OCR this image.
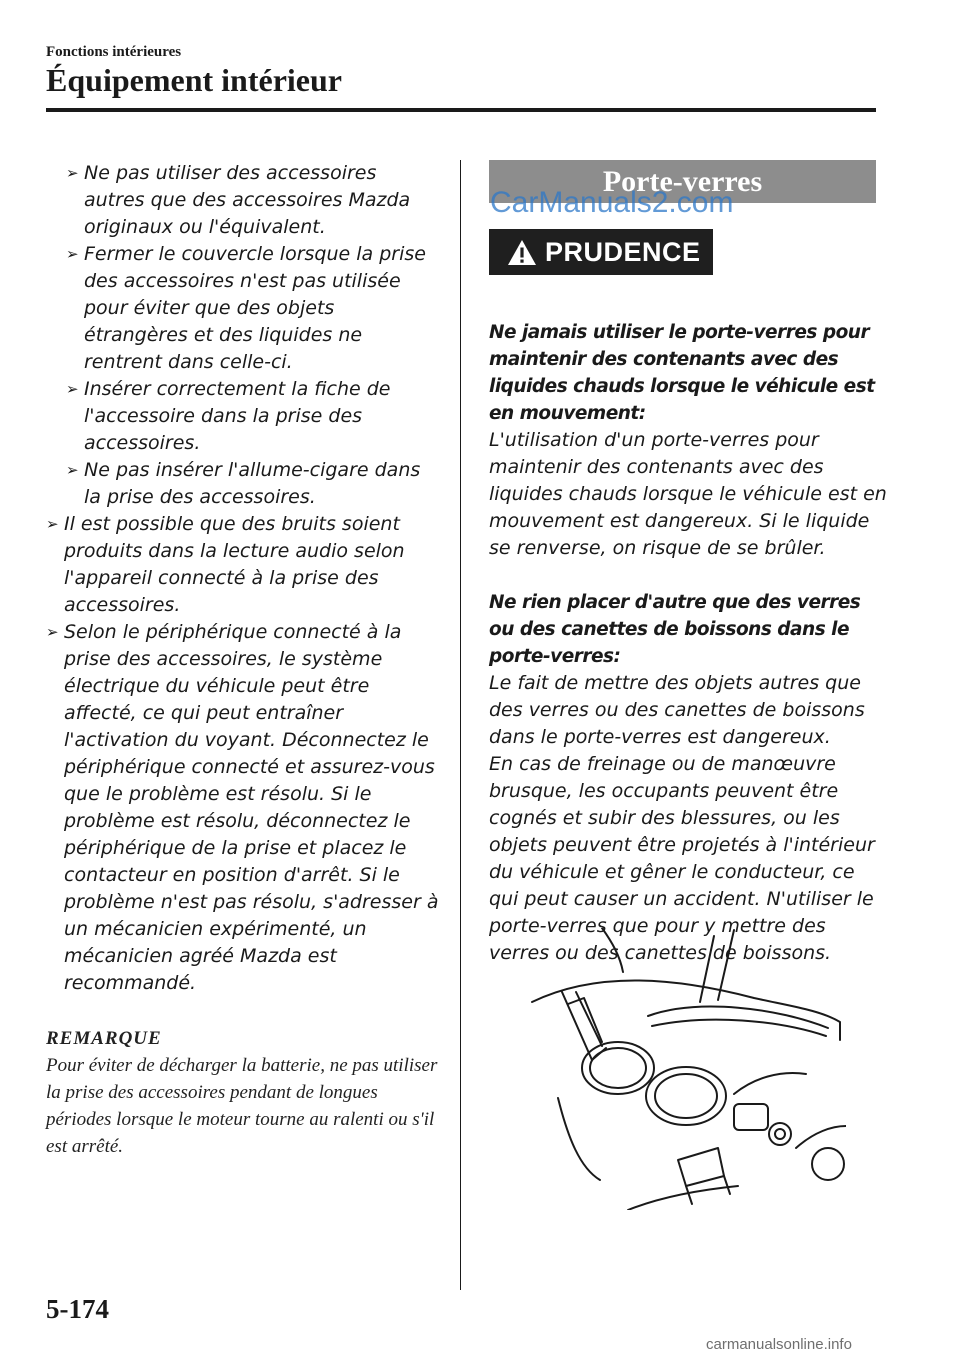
Fonctions intérieures
Équipement intérieur

➢ Ne pas utiliser des accessoires autres que des accessoires Mazda originaux ou l'équivalent.

➢ Fermer le couvercle lorsque la prise des accessoires n'est pas utilisée pour éviter que des objets étrangères et des liquides ne rentrent dans celle-ci.

➢ Insérer correctement la fiche de l'accessoire dans la prise des accessoires.

➢ Ne pas insérer l'allume-cigare dans la prise des accessoires.

➢ Il est possible que des bruits soient produits dans la lecture audio selon l'appareil connecté à la prise des accessoires.

➢ Selon le périphérique connecté à la prise des accessoires, le système électrique du véhicule peut être affecté, ce qui peut entraîner l'activation du voyant. Déconnectez le périphérique connecté et assurez-vous que le problème est résolu. Si le problème est résolu, déconnectez le périphérique de la prise et placez le contacteur en position d'arrêt. Si le problème n'est pas résolu, s'adresser à un mécanicien expérimenté, un mécanicien agréé Mazda est recommandé.

REMARQUE
Pour éviter de décharger la batterie, ne pas utiliser la prise des accessoires pendant de longues périodes lorsque le moteur tourne au ralenti ou s'il est arrêté.
Porte-verres
PRUDENCE

Ne jamais utiliser le porte-verres pour maintenir des contenants avec des liquides chauds lorsque le véhicule est en mouvement:

L'utilisation d'un porte-verres pour maintenir des contenants avec des liquides chauds lorsque le véhicule est en mouvement est dangereux. Si le liquide se renverse, on risque de se brûler.

Ne rien placer d'autre que des verres ou des canettes de boissons dans le porte-verres:

Le fait de mettre des objets autres que des verres ou des canettes de boissons dans le porte-verres est dangereux.

En cas de freinage ou de manœuvre brusque, les occupants peuvent être cognés et subir des blessures, ou les objets peuvent être projetés à l'intérieur du véhicule et gêner le conducteur, ce qui peut causer un accident. N'utiliser le porte-verres que pour y mettre des verres ou des canettes de boissons.

5-174
CarManuals2.com
carmanualsonline.info
